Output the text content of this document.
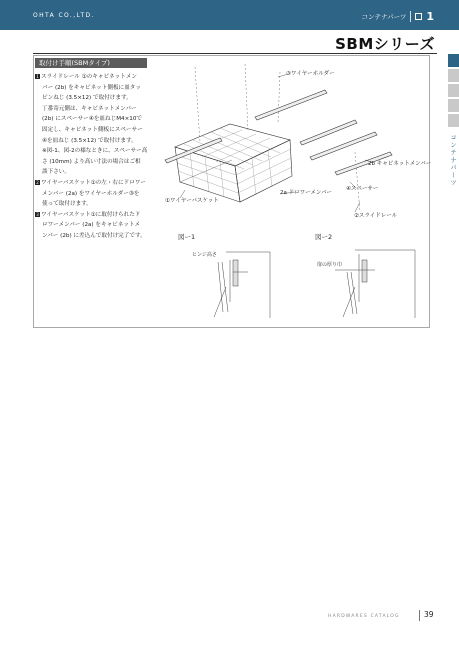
OHTA CO.,LTD.	コンテナパーツ 1
SBMシリーズ
コンテナパーツ
取付け手順(SBMタイプ)

1 スライドレール ①のキャビネットメン

バー (2b) をキャビネット側板に皿タッ

ピンねじ (3.5×12) で取付けます。

丁番寄元側は、キャビネットメンバー

(2b) にスペーサー④を皿ねじM4×10で

固定し、キャビネット側板にスペーサー

④を皿ねじ (3.5×12) で取付けます。

※図-1、図-2の様なときに、スペーサー高

さ (10mm) より高い寸法の場合はご相

談下さい。

2 ワイヤーバスケット①の左・右にドロワー

メンバー (2a) をワイヤーホルダー③を

使って取付けます。

3 ワイヤーバスケット①に取付けられたド

ロワーメンバー (2a) をキャビネットメ

ンバー (2b) に差込んで取付け完了です。

③ワイヤーホルダー
2b キャビネットメンバー
④スペーサー
2a ドロワーメンバー
①ワイヤーバスケット
②スライドレール
図ー1
ヒンジ高さ
図ー2
扉の厚り巾
HARDWARES CATALOG	39
